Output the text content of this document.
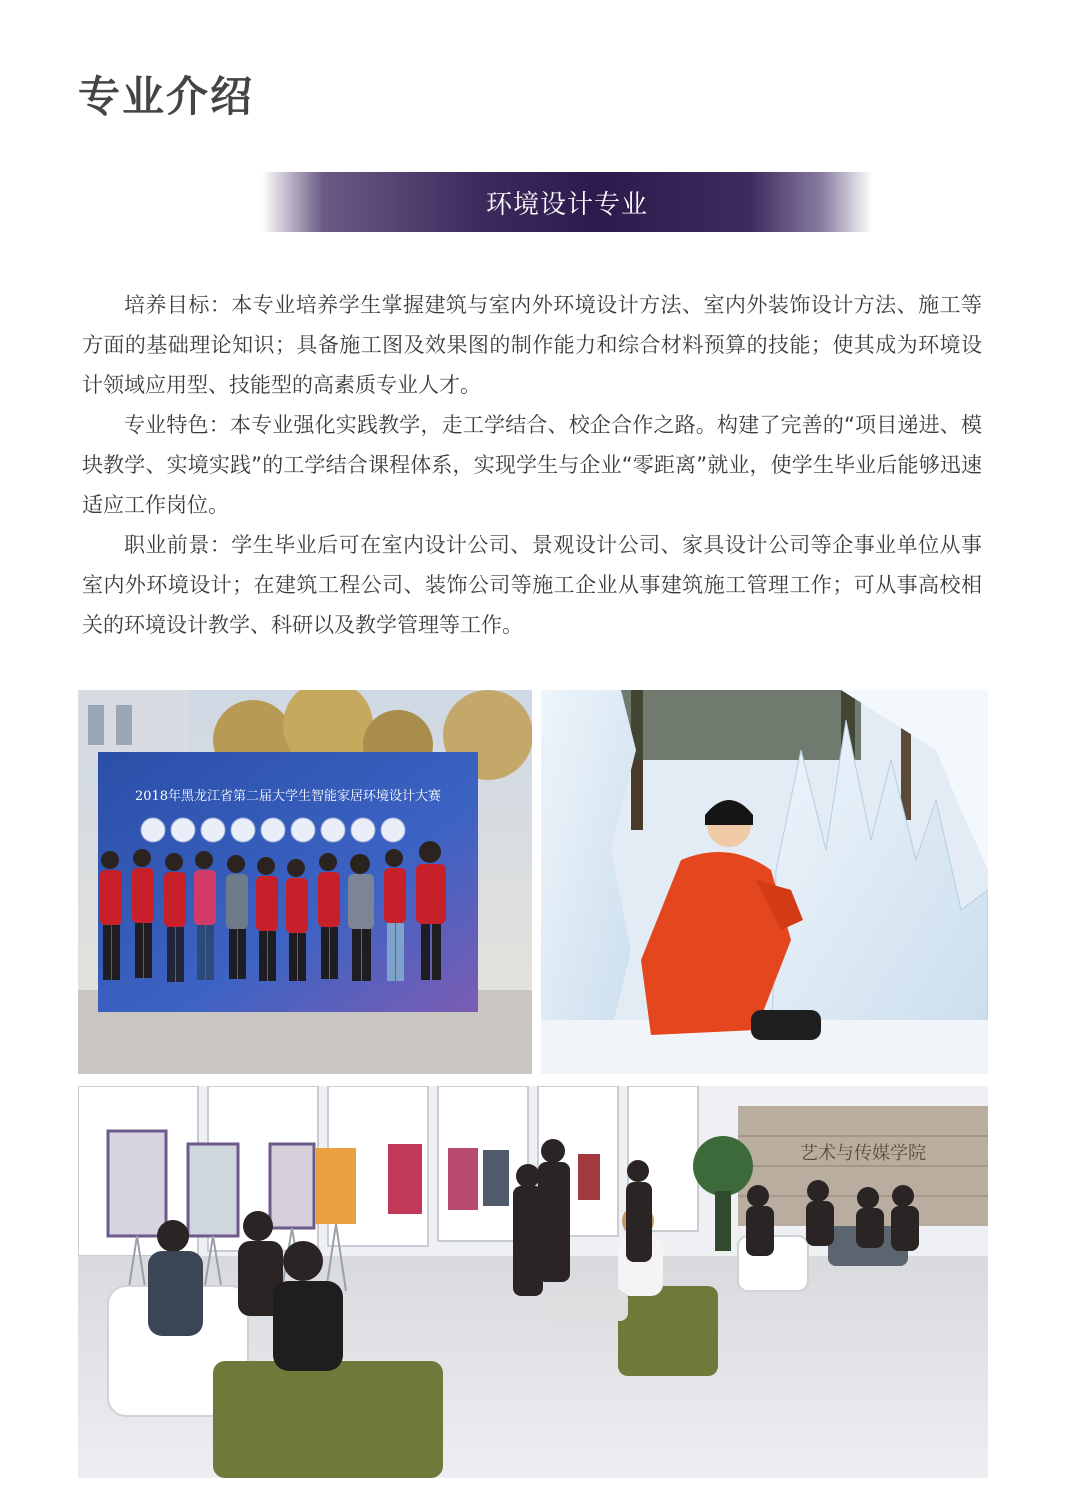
专业介绍
环境设计专业

培养目标：本专业培养学生掌握建筑与室内外环境设计方法、室内外装饰设计方法、施工等方面的基础理论知识；具备施工图及效果图的制作能力和综合材料预算的技能；使其成为环境设计领域应用型、技能型的高素质专业人才。

专业特色：本专业强化实践教学，走工学结合、校企合作之路。构建了完善的“项目递进、模块教学、实境实践”的工学结合课程体系，实现学生与企业“零距离”就业，使学生毕业后能够迅速适应工作岗位。

职业前景：学生毕业后可在室内设计公司、景观设计公司、家具设计公司等企事业单位从事室内外环境设计；在建筑工程公司、装饰公司等施工企业从事建筑施工管理工作；可从事高校相关的环境设计教学、科研以及教学管理等工作。

2018年黑龙江省第二届大学生智能家居环境设计大赛
艺术与传媒学院
